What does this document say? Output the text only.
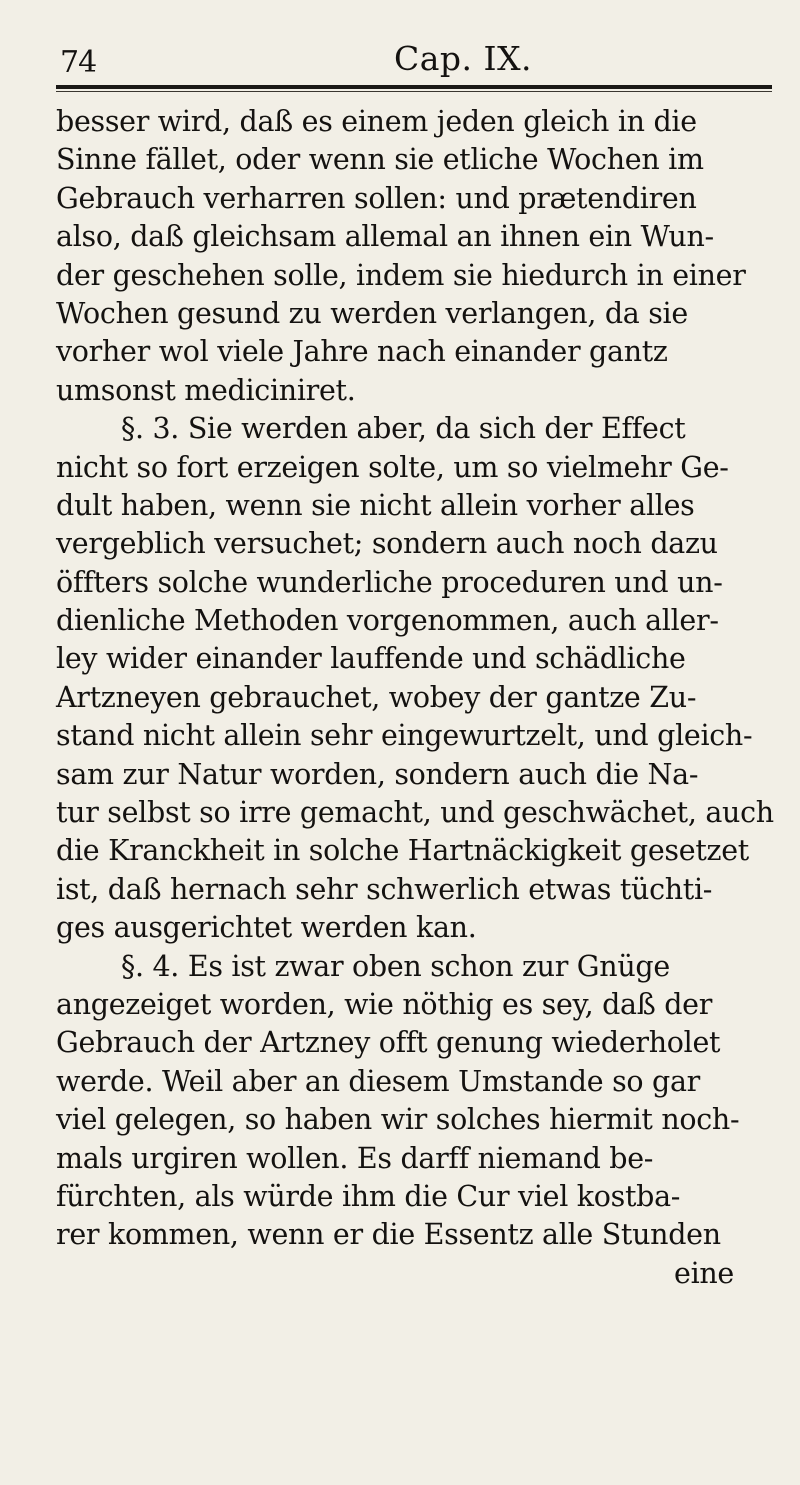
74	Cap. IX.
besser wird, daß es einem jeden gleich in die
Sinne fället, oder wenn sie etliche Wochen im
Gebrauch verharren sollen: und prætendiren
also, daß gleichsam allemal an ihnen ein Wun-
der geschehen solle, indem sie hiedurch in einer
Wochen gesund zu werden verlangen, da sie
vorher wol viele Jahre nach einander gantz
umsonst mediciniret.
§. 3. Sie werden aber, da sich der Effect
nicht so fort erzeigen solte, um so vielmehr Ge-
dult haben, wenn sie nicht allein vorher alles
vergeblich versuchet; sondern auch noch dazu
öffters solche wunderliche proceduren und un-
dienliche Methoden vorgenommen, auch aller-
ley wider einander lauffende und schädliche
Artzneyen gebrauchet, wobey der gantze Zu-
stand nicht allein sehr eingewurtzelt, und gleich-
sam zur Natur worden, sondern auch die Na-
tur selbst so irre gemacht, und geschwächet, auch
die Kranckheit in solche Hartnäckigkeit gesetzet
ist, daß hernach sehr schwerlich etwas tüchti-
ges ausgerichtet werden kan.
§. 4. Es ist zwar oben schon zur Gnüge
angezeiget worden, wie nöthig es sey, daß der
Gebrauch der Artzney offt genung wiederholet
werde. Weil aber an diesem Umstande so gar
viel gelegen, so haben wir solches hiermit noch-
mals urgiren wollen. Es darff niemand be-
fürchten, als würde ihm die Cur viel kostba-
rer kommen, wenn er die Essentz alle Stunden
eine
